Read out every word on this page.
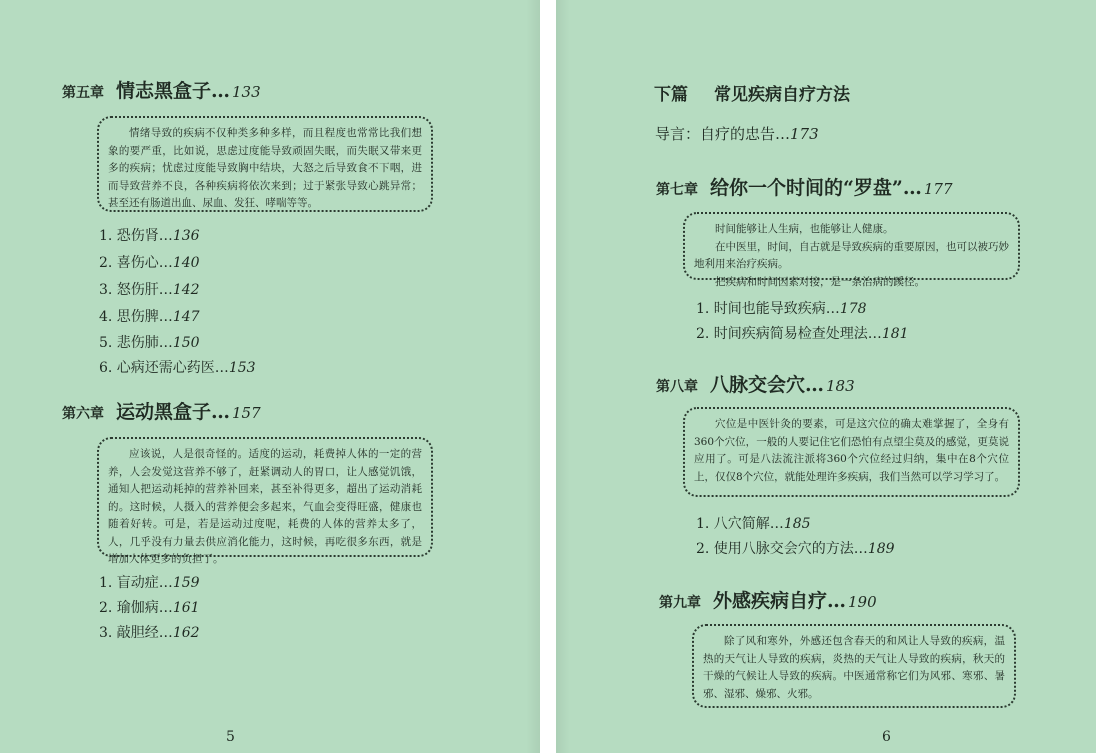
第五章 情志黑盒子… 133

情绪导致的疾病不仅种类多种多样，而且程度也常常比我们想象的要严重，比如说，思虑过度能导致顽固失眠，而失眠又带来更多的疾病；忧虑过度能导致胸中结块，大怒之后导致食不下咽，进而导致营养不良，各种疾病将依次来到；过于紧张导致心跳异常；甚至还有肠道出血、尿血、发狂、哮喘等等。

1. 恐伤肾…136
2. 喜伤心…140
3. 怒伤肝…142
4. 思伤脾…147
5. 悲伤肺…150
6. 心病还需心药医…153
第六章 运动黑盒子… 157

应该说，人是很奇怪的。适度的运动，耗费掉人体的一定的营养，人会发觉这营养不够了，赶紧调动人的胃口，让人感觉饥饿，通知人把运动耗掉的营养补回来，甚至补得更多，超出了运动消耗的。这时候，人摄入的营养便会多起来，气血会变得旺盛，健康也随着好转。可是，若是运动过度呢，耗费的人体的营养太多了，人，几乎没有力量去供应消化能力，这时候，再吃很多东西，就是增加人体更多的负担了。

1. 盲动症…159
2. 瑜伽病…161
3. 敲胆经…162
5
下篇 常见疾病自疗方法
导言：自疗的忠告…173
第七章 给你一个时间的“罗盘”… 177

时间能够让人生病，也能够让人健康。

在中医里，时间，自古就是导致疾病的重要原因，也可以被巧妙地利用来治疗疾病。

把疾病和时间因素对接，是一条治病的蹊径。

1. 时间也能导致疾病…178
2. 时间疾病简易检查处理法…181
第八章 八脉交会穴… 183

穴位是中医针灸的要素，可是这穴位的确太难掌握了，全身有360个穴位，一般的人要记住它们恐怕有点望尘莫及的感觉，更莫说应用了。可是八法流注派将360个穴位经过归纳，集中在8个穴位上，仅仅8个穴位，就能处理许多疾病，我们当然可以学习学习了。

1. 八穴简解…185
2. 使用八脉交会穴的方法…189
第九章 外感疾病自疗… 190

除了风和寒外，外感还包含春天的和风让人导致的疾病，温热的天气让人导致的疾病，炎热的天气让人导致的疾病，秋天的干燥的气候让人导致的疾病。中医通常称它们为风邪、寒邪、暑邪、湿邪、燥邪、火邪。

6
